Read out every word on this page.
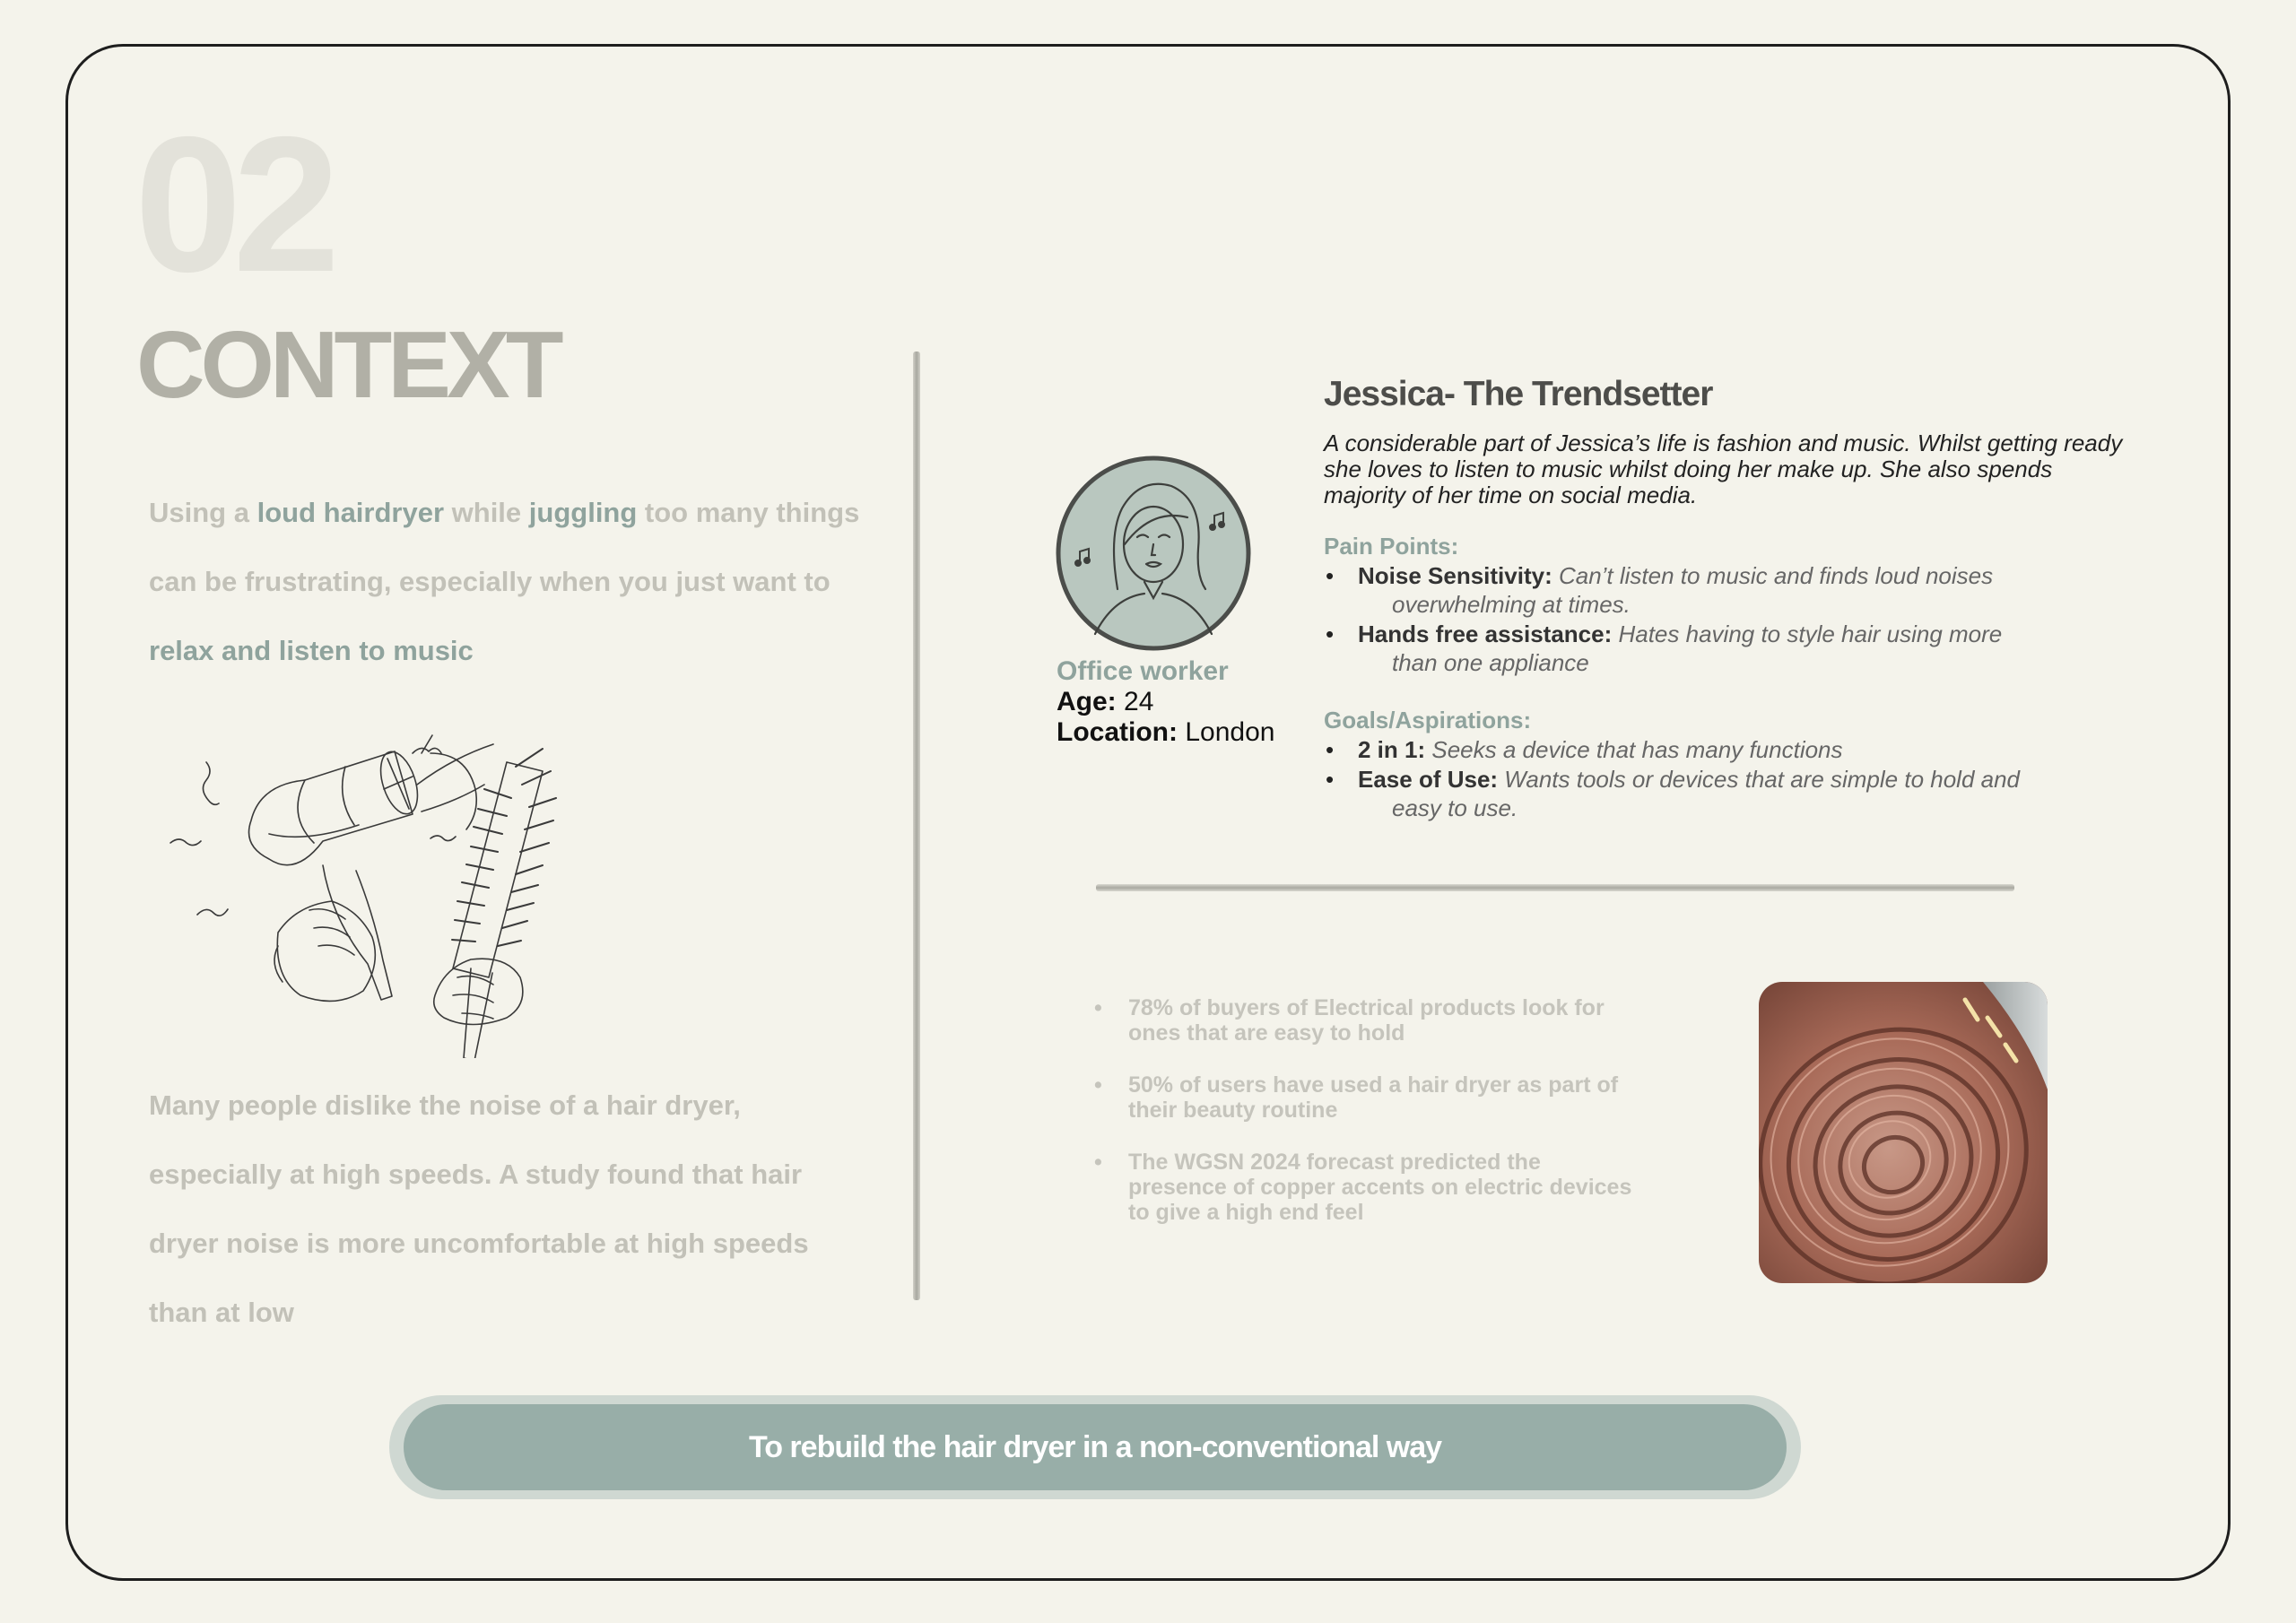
02
CONTEXT
Using a loud hairdryer while juggling too many things can be frustrating, especially when you just want to relax and listen to music
Many people dislike the noise of a hair dryer, especially at high speeds. A study found that hair dryer noise is more uncomfortable at high speeds than at low
Office worker
Age: 24
Location: London
Jessica- The Trendsetter
A considerable part of Jessica’s life is fashion and music. Whilst getting ready she loves to listen to music whilst doing her make up. She also spends majority of her time on social media.
Pain Points:
• Noise Sensitivity: Can’t listen to music and finds loud noises
overwhelming at times.
• Hands free assistance: Hates having to style hair using more
than one appliance
Goals/Aspirations:
• 2 in 1: Seeks a device that has many functions
• Ease of Use: Wants tools or devices that are simple to hold and
easy to use.
• 78% of buyers of Electrical products look for ones that are easy to hold
• 50% of users have used a hair dryer as part of their beauty routine
• The WGSN 2024 forecast predicted the presence of copper accents on electric devices to give a high end feel
To rebuild the hair dryer in a non-conventional way
